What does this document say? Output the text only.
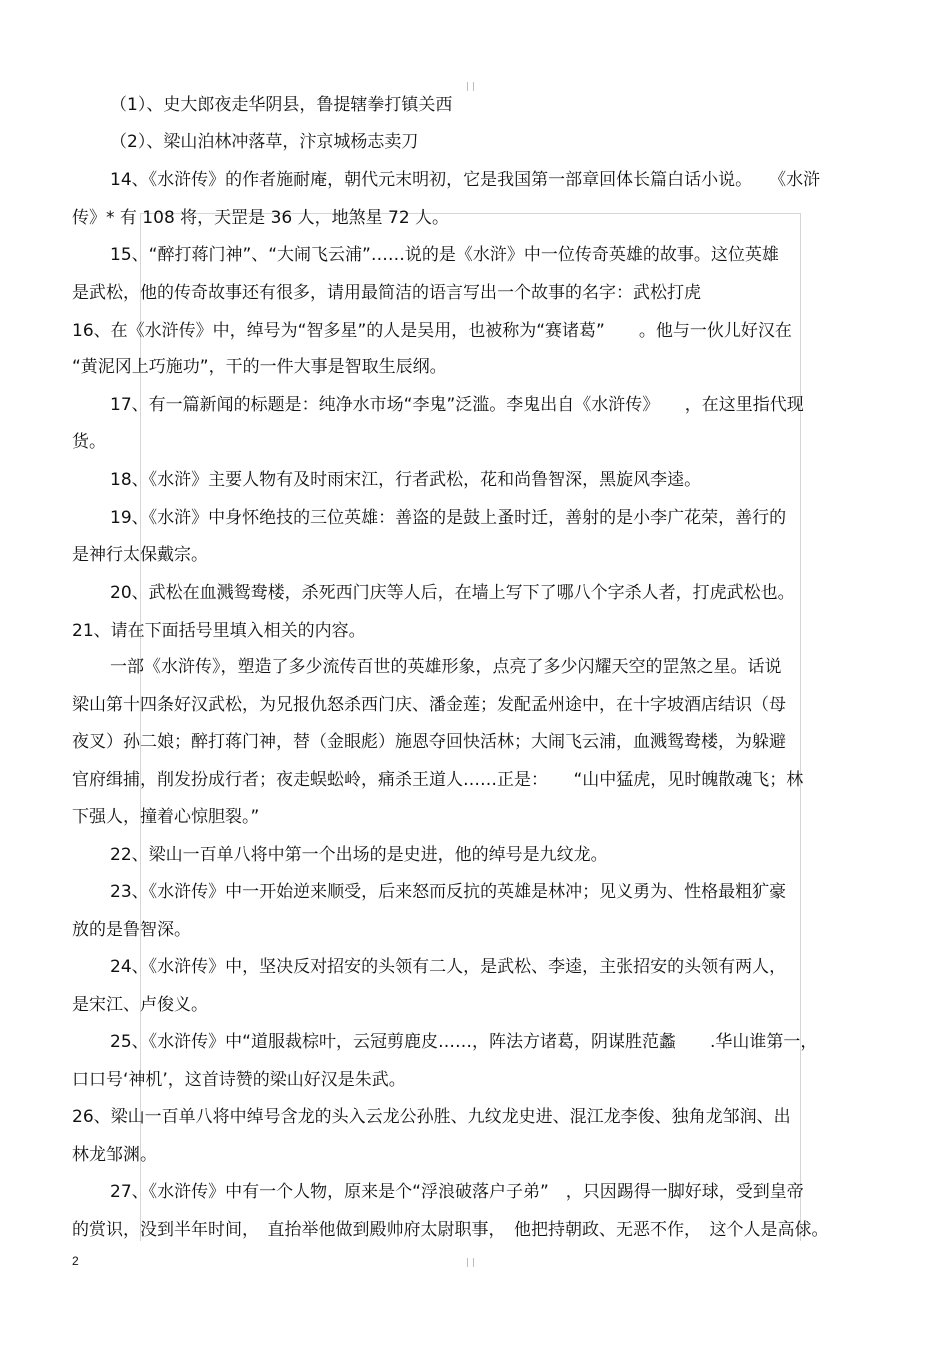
| |
| |
（1）、史大郎夜走华阴县，鲁提辖拳打镇关西
（2）、梁山泊林冲落草，汴京城杨志卖刀
14、《水浒传》的作者施耐庵，朝代元末明初，它是我国第一部章回体长篇白话小说。　　《水浒
传》* 有 108 将，天罡是 36 人，地煞星 72 人。
15、“醉打蒋门神”、“大闹飞云浦”……说的是《水浒》中一位传奇英雄的故事。这位英雄
是武松，他的传奇故事还有很多，请用最简洁的语言写出一个故事的名字：武松打虎
16、在《水浒传》中，绰号为“智多星”的人是吴用，也被称为“赛诸葛”　　。他与一伙儿好汉在
“黄泥冈上巧施功”，干的一件大事是智取生辰纲。
17、有一篇新闻的标题是：纯净水市场“李鬼”泛滥。李鬼出自《水浒传》　　，在这里指代现
货。
18、《水浒》主要人物有及时雨宋江，行者武松，花和尚鲁智深，黑旋风李逵。
19、《水浒》中身怀绝技的三位英雄：善盗的是鼓上蚤时迁，善射的是小李广花荣，善行的
是神行太保戴宗。
20、武松在血溅鸳鸯楼，杀死西门庆等人后，在墙上写下了哪八个字杀人者，打虎武松也。
21、请在下面括号里填入相关的内容。
一部《水浒传》，塑造了多少流传百世的英雄形象，点亮了多少闪耀天空的罡煞之星。话说
梁山第十四条好汉武松，为兄报仇怒杀西门庆、潘金莲；发配孟州途中，在十字坡酒店结识（母
夜叉）孙二娘；醉打蒋门神，替（金眼彪）施恩夺回快活林；大闹飞云浦，血溅鸳鸯楼，为躲避
官府缉捕，削发扮成行者；夜走蜈蚣岭，痛杀王道人……正是：　　“山中猛虎，见时魄散魂飞；林
下强人，撞着心惊胆裂。”
22、梁山一百单八将中第一个出场的是史进，他的绰号是九纹龙。
23、《水浒传》中一开始逆来顺受，后来怒而反抗的英雄是林冲；见义勇为、性格最粗犷豪
放的是鲁智深。
24、《水浒传》中，坚决反对招安的头领有二人，是武松、李逵，主张招安的头领有两人，
是宋江、卢俊义。
25、《水浒传》中“道服裁棕叶，云冠剪鹿皮……，阵法方诸葛，阴谋胜范蠡　　.华山谁第一，
口口号‘神机’，这首诗赞的梁山好汉是朱武。
26、梁山一百单八将中绰号含龙的头入云龙公孙胜、九纹龙史进、混江龙李俊、独角龙邹润、出
林龙邹渊。
27、《水浒传》中有一个人物，原来是个“浮浪破落户子弟”　，只因踢得一脚好球，受到皇帝
的赏识，没到半年时间，　直抬举他做到殿帅府太尉职事，　他把持朝政、无恶不作，　这个人是高俅。
2
